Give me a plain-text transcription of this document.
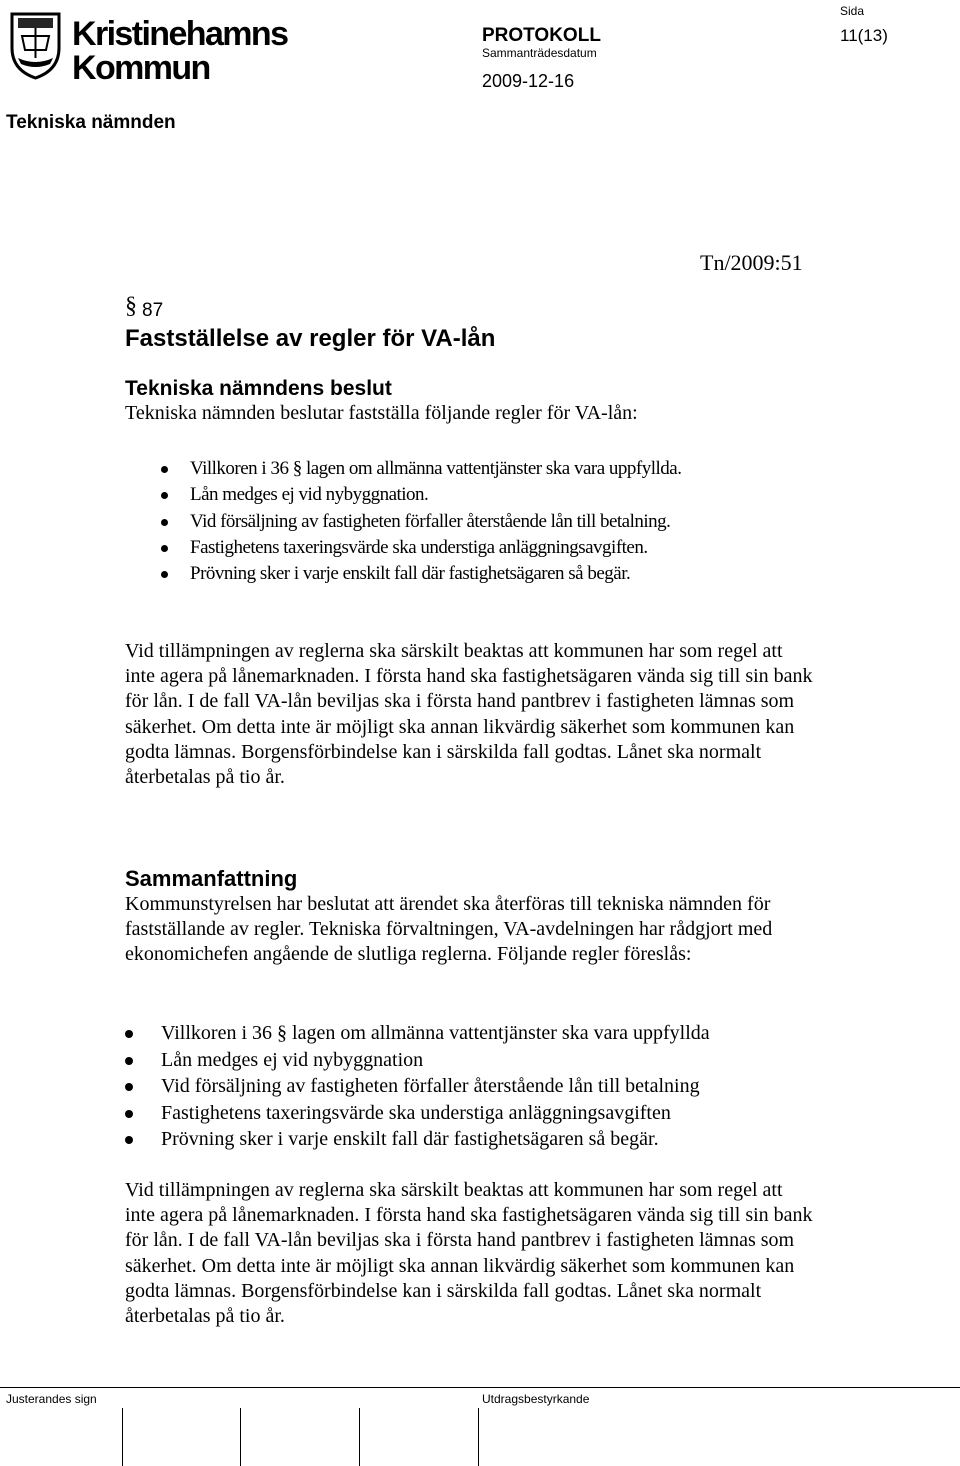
Kristinehamns
Kommun
PROTOKOLL
Sammanträdesdatum
2009-12-16
Sida
11(13)
Tekniska nämnden
Tn/2009:51
§ 87
Fastställelse av regler för VA-lån
Tekniska nämndens beslut
Tekniska nämnden beslutar fastställa följande regler för VA-lån:
Villkoren i 36 § lagen om allmänna vattentjänster ska vara uppfyllda.
Lån medges ej vid nybyggnation.
Vid försäljning av fastigheten förfaller återstående lån till betalning.
Fastighetens taxeringsvärde ska understiga anläggningsavgiften.
Prövning sker i varje enskilt fall där fastighetsägaren så begär.
Vid tillämpningen av reglerna ska särskilt beaktas att kommunen har som regel att inte agera på lånemarknaden. I första hand ska fastighetsägaren vända sig till sin bank för lån. I de fall VA-lån beviljas ska i första hand pantbrev i fastigheten lämnas som säkerhet. Om detta inte är möjligt ska annan likvärdig säkerhet som kommunen kan godta lämnas. Borgensförbindelse kan i särskilda fall godtas. Lånet ska normalt återbetalas på tio år.
Sammanfattning
Kommunstyrelsen har beslutat att ärendet ska återföras till tekniska nämnden för fastställande av regler. Tekniska förvaltningen, VA-avdelningen har rådgjort med ekonomichefen angående de slutliga reglerna. Följande regler föreslås:
Villkoren i 36 § lagen om allmänna vattentjänster ska vara uppfyllda
Lån medges ej vid nybyggnation
Vid försäljning av fastigheten förfaller återstående lån till betalning
Fastighetens taxeringsvärde ska understiga anläggningsavgiften
Prövning sker i varje enskilt fall där fastighetsägaren så begär.
Vid tillämpningen av reglerna ska särskilt beaktas att kommunen har som regel att inte agera på lånemarknaden. I första hand ska fastighetsägaren vända sig till sin bank för lån. I de fall VA-lån beviljas ska i första hand pantbrev i fastigheten lämnas som säkerhet. Om detta inte är möjligt ska annan likvärdig säkerhet som kommunen kan godta lämnas. Borgensförbindelse kan i särskilda fall godtas. Lånet ska normalt återbetalas på tio år.
Justerandes sign	Utdragsbestyrkande
